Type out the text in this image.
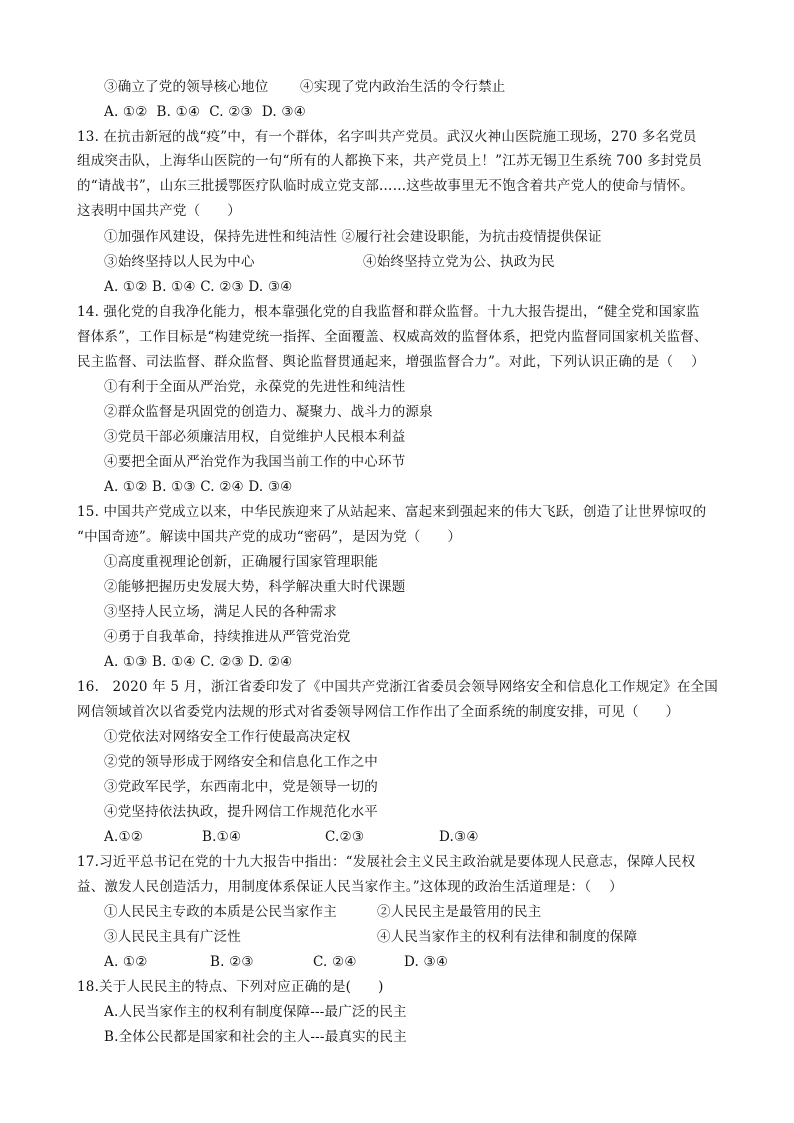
③确立了党的领导核心地位 ④实现了党内政治生活的令行禁止
A. ①②  B. ①④  C. ②③  D. ③④
13. 在抗击新冠的战“疫”中，有一个群体，名字叫共产党员。武汉火神山医院施工现场，270 多名党员
组成突击队，上海华山医院的一句“所有的人都换下来，共产党员上！”江苏无锡卫生系统 700 多封党员
的“请战书”，山东三批援鄂医疗队临时成立党支部……这些故事里无不饱含着共产党人的使命与情怀。
这表明中国共产党（      ）
①加强作风建设，保持先进性和纯洁性 ②履行社会建设职能，为抗击疫情提供保证
③始终坚持以人民为中心	④始终坚持立党为公、执政为民
A. ①② B. ①④ C. ②③ D. ③④
14. 强化党的自我净化能力，根本靠强化党的自我监督和群众监督。十九大报告提出，“健全党和国家监
督体系”，工作目标是“构建党统一指挥、全面覆盖、权威高效的监督体系，把党内监督同国家机关监督、
民主监督、司法监督、群众监督、舆论监督贯通起来，增强监督合力”。对此，下列认识正确的是（    ）
①有利于全面从严治党，永葆党的先进性和纯洁性
②群众监督是巩固党的创造力、凝聚力、战斗力的源泉
③党员干部必须廉洁用权，自觉维护人民根本利益
④要把全面从严治党作为我国当前工作的中心环节
A. ①② B. ①③ C. ②④ D. ③④
15. 中国共产党成立以来，中华民族迎来了从站起来、富起来到强起来的伟大飞跃，创造了让世界惊叹的
“中国奇迹”。解读中国共产党的成功“密码”，是因为党（      ）
①高度重视理论创新，正确履行国家管理职能
②能够把握历史发展大势，科学解决重大时代课题
③坚持人民立场，满足人民的各种需求
④勇于自我革命，持续推进从严管党治党
A. ①③ B. ①④ C. ②③ D. ②④
16.   2020 年 5 月，浙江省委印发了《中国共产党浙江省委员会领导网络安全和信息化工作规定》在全国
网信领域首次以省委党内法规的形式对省委领导网信工作作出了全面系统的制度安排，可见（      ）
①党依法对网络安全工作行使最高决定权
②党的领导形成于网络安全和信息化工作之中
③党政军民学，东西南北中，党是领导一切的
④党坚持依法执政，提升网信工作规范化水平
A.①②	B.①④	C.②③	D.③④
17.习近平总书记在党的十九大报告中指出：“发展社会主义民主政治就是要体现人民意志，保障人民权
益、激发人民创造活力，用制度体系保证人民当家作主。”这体现的政治生活道理是：（    ）
①人民民主专政的本质是公民当家作主	②人民民主是最管用的民主
③人民民主具有广泛性	④人民当家作主的权利有法律和制度的保障
A. ①②	B. ②③	C. ②④	D. ③④
18.关于人民民主的特点、下列对应正确的是(      )
A.人民当家作主的权利有制度保障---最广泛的民主
B.全体公民都是国家和社会的主人---最真实的民主
